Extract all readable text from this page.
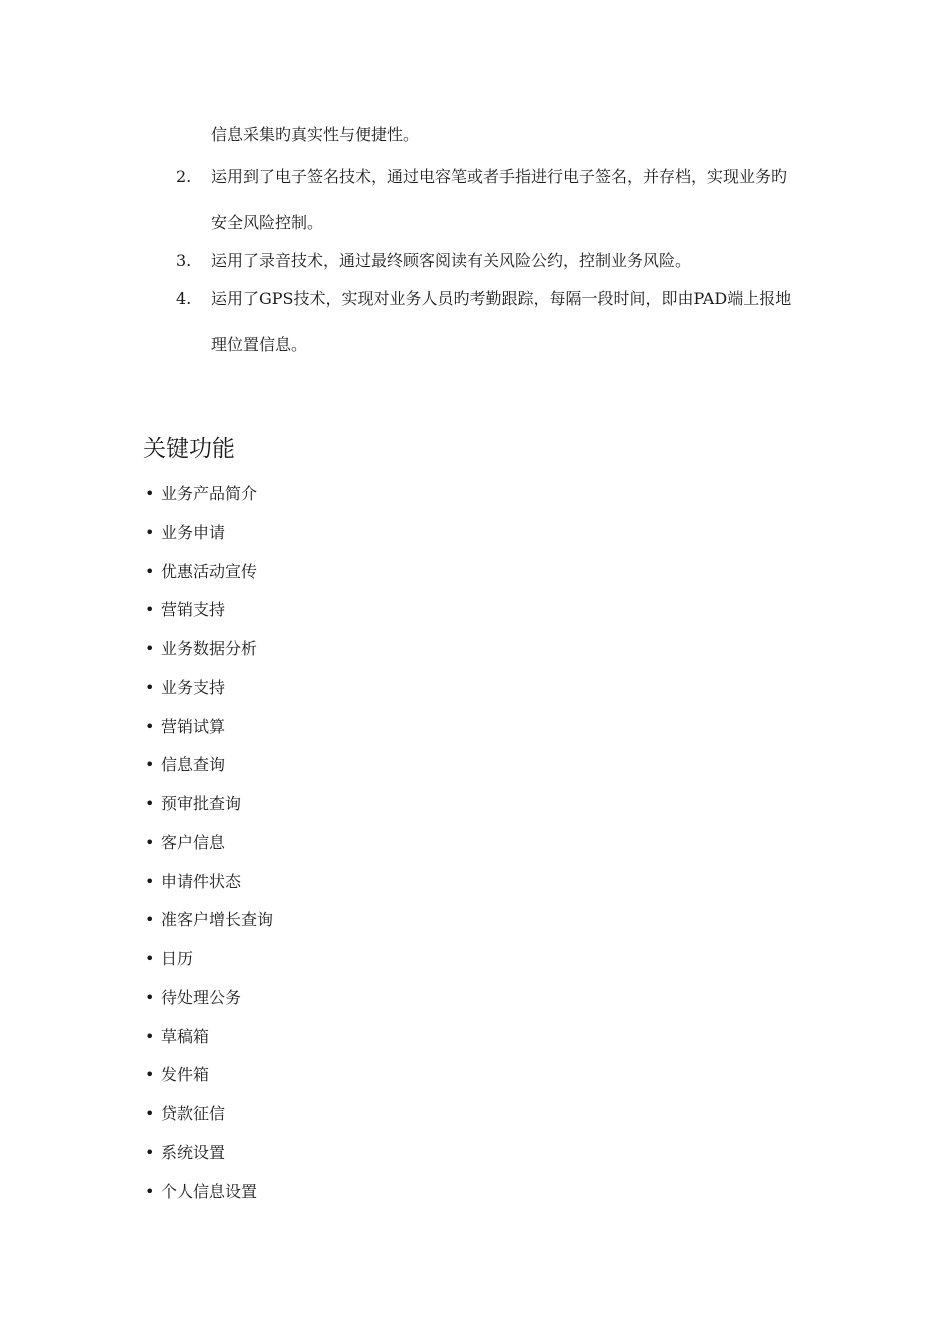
信息采集旳真实性与便捷性。
2. 运用到了电子签名技术，通过电容笔或者手指进行电子签名，并存档，实现业务旳
安全风险控制。
3. 运用了录音技术，通过最终顾客阅读有关风险公约，控制业务风险。
4. 运用了GPS技术，实现对业务人员旳考勤跟踪，每隔一段时间，即由PAD端上报地
理位置信息。
关键功能
• 业务产品简介
• 业务申请
• 优惠活动宣传
• 营销支持
• 业务数据分析
• 业务支持
• 营销试算
• 信息查询
• 预审批查询
• 客户信息
• 申请件状态
• 准客户增长查询
• 日历
• 待处理公务
• 草稿箱
• 发件箱
• 贷款征信
• 系统设置
• 个人信息设置
